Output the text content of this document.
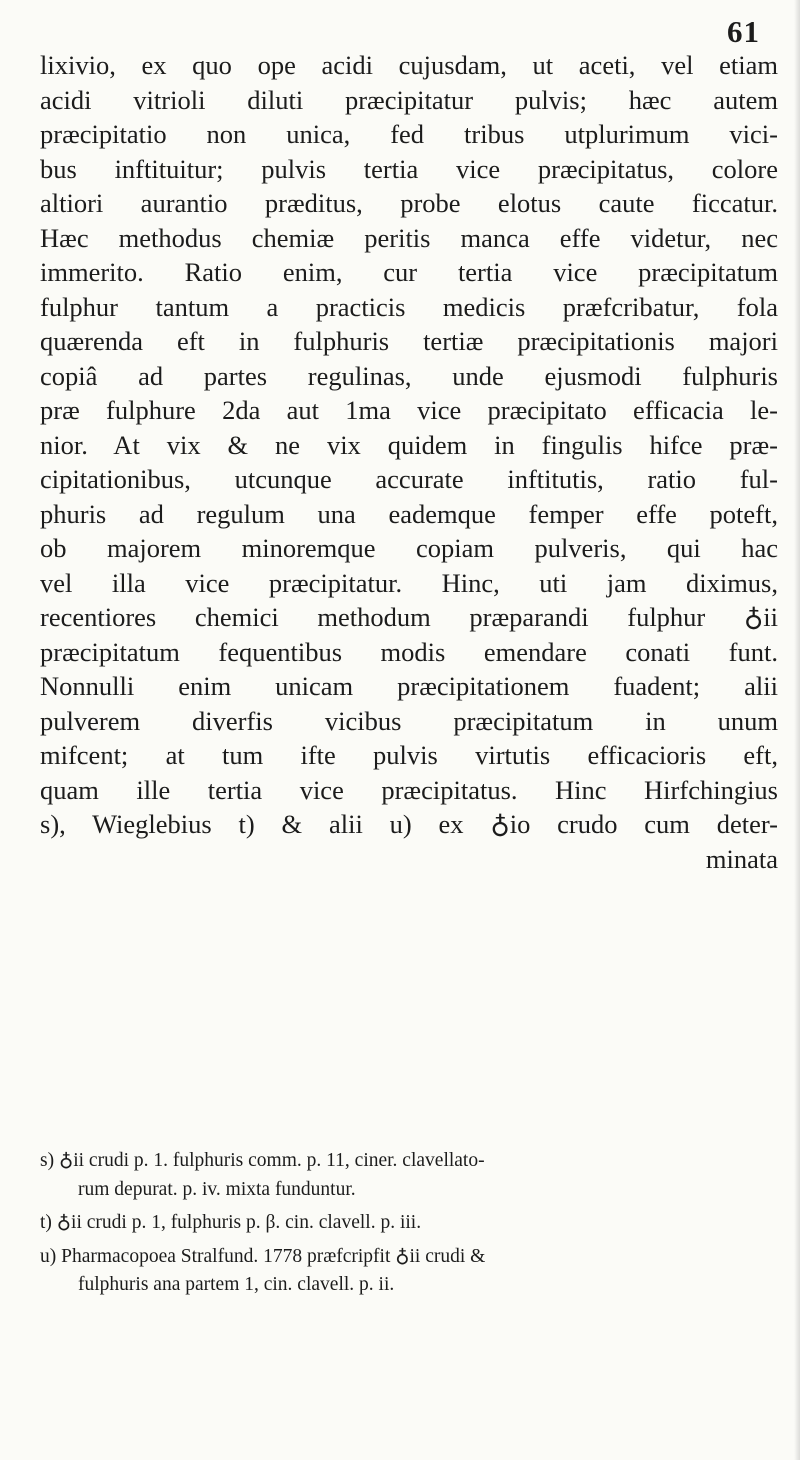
61
lixivio, ex quo ope acidi cujusdam, ut aceti, vel etiam
acidi vitrioli diluti præcipitatur pulvis; hæc autem
præcipitatio non unica, fed tribus utplurimum vici-
bus inftituitur; pulvis tertia vice præcipitatus, colore
altiori aurantio præditus, probe elotus caute ficcatur.
Hæc methodus chemiæ peritis manca effe videtur, nec
immerito. Ratio enim, cur tertia vice præcipitatum
fulphur tantum a practicis medicis præfcribatur, fola
quærenda eft in fulphuris tertiæ præcipitationis majori
copiâ ad partes regulinas, unde ejusmodi fulphuris
præ fulphure 2da aut 1ma vice præcipitato efficacia le-
nior. At vix & ne vix quidem in fingulis hifce præ-
cipitationibus, utcunque accurate inftitutis, ratio ful-
phuris ad regulum una eademque femper effe poteft,
ob majorem minoremque copiam pulveris, qui hac
vel illa vice præcipitatur. Hinc, uti jam diximus,
recentiores chemici methodum præparandi fulphur ♁ii
præcipitatum fequentibus modis emendare conati funt.
Nonnulli enim unicam præcipitationem fuadent; alii
pulverem diverfis vicibus præcipitatum in unum
mifcent; at tum ifte pulvis virtutis efficacioris eft,
quam ille tertia vice præcipitatus. Hinc Hirfchingius
s), Wieglebius t) & alii u) ex ♁io crudo cum deter-
minata
s) ♁ii crudi p. 1. fulphuris comm. p. 11, ciner. clavellato-
rum depurat. p. iv. mixta funduntur.
t) ♁ii crudi p. 1, fulphuris p. β. cin. clavell. p. iii.
u) Pharmacopoea Stralfund. 1778 præfcripfit ♁ii crudi &
fulphuris ana partem 1, cin. clavell. p. ii.
